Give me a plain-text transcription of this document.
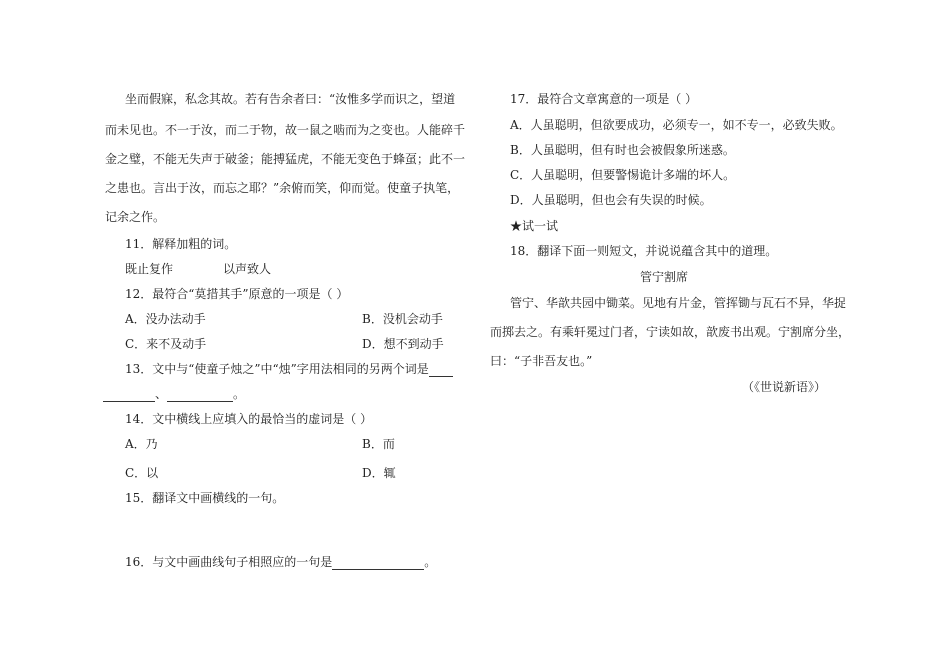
坐而假寐，私念其故。若有告余者曰：“汝惟多学而识之，望道
而未见也。不一于汝，而二于物，故一鼠之啮而为之变也。人能碎千
金之璧，不能无失声于破釜；能搏猛虎，不能无变色于蜂虿；此不一
之患也。言出于汝，而忘之耶？”余俯而笑，仰而觉。使童子执笔，
记余之作。
11．解释加粗的词。
既止复作	以声致人
12．最符合“莫措其手”原意的一项是（ ）
A．没办法动手	B．没机会动手
C．来不及动手	D．想不到动手
13．文中与“使童子烛之”中“烛”字用法相同的另两个词是
、	。
14．文中横线上应填入的最恰当的虚词是（ ）
A．乃	B．而
C．以	D．辄
15．翻译文中画横线的一句。
16．与文中画曲线句子相照应的一句是	。
17．最符合文章寓意的一项是（ ）
A．人虽聪明，但欲要成功，必须专一，如不专一，必致失败。
B．人虽聪明，但有时也会被假象所迷惑。
C．人虽聪明，但要警惕诡计多端的坏人。
D．人虽聪明，但也会有失误的时候。
★试一试
18．翻译下面一则短文，并说说蕴含其中的道理。
管宁割席
管宁、华歆共园中锄菜。见地有片金，管挥锄与瓦石不异，华捉
而掷去之。有乘轩冕过门者，宁读如故，歆废书出观。宁割席分坐，
曰：“子非吾友也。”
（《世说新语》）
